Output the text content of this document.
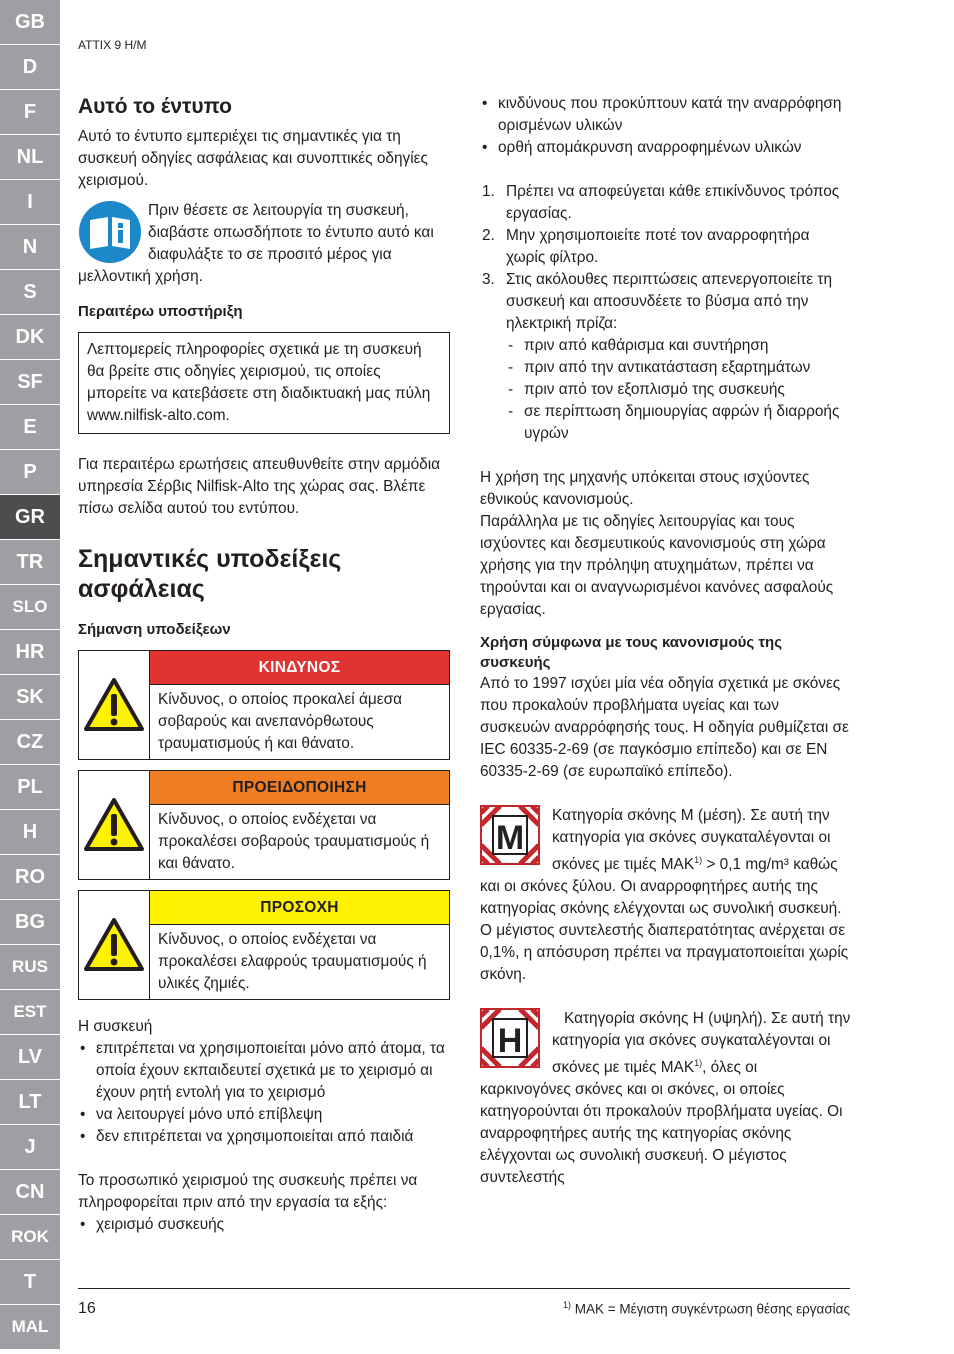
GB
D
F
NL
I
N
S
DK
SF
E
P
GR
TR
SLO
HR
SK
CZ
PL
H
RO
BG
RUS
EST
LV
LT
J
CN
ROK
T
MAL
ATTIX 9 H/M
Αυτό το έντυπο

Αυτό το έντυπο εμπεριέχει τις σημαντικές για τη συσκευή οδηγίες ασφάλειας και συνοπτικές οδηγίες χειρισμού.

Πριν θέσετε σε λειτουργία τη συσκευή, διαβάστε οπωσδήποτε το έντυπο αυτό και διαφυλάξτε το σε προσιτό μέρος για μελλοντική χρήση.

Περαιτέρω υποστήριξη

Λεπτομερείς πληροφορίες σχετικά με τη συσκευή θα βρείτε στις οδηγίες χειρισμού, τις οποίες μπορείτε να κατεβάσετε στη διαδικτυακή μας πύλη www.nilfisk-alto.com.

Για περαιτέρω ερωτήσεις απευθυνθείτε στην αρμόδια υπηρεσία Σέρβις Nilfisk-Alto της χώρας σας. Βλέπε πίσω σελίδα αυτού του εντύπου.

Σημαντικές υποδείξεις ασφάλειας
Σήμανση υποδείξεων
ΚΙΝΔΥΝΟΣ
Κίνδυνος, ο οποίος προκαλεί άμεσα σοβαρούς και ανεπανόρθωτους τραυματισμούς ή και θάνατο.
ΠΡΟΕΙΔΟΠΟΙΗΣΗ
Κίνδυνος, ο οποίος ενδέχεται να προκαλέσει σοβαρούς τραυματισμούς ή και θάνατο.
ΠΡΟΣΟΧΗ
Κίνδυνος, ο οποίος ενδέχεται να προκαλέσει ελαφρούς τραυματισμούς ή υλικές ζημιές.

Η συσκευή

• επιτρέπεται να χρησιμοποιείται μόνο από άτομα, τα οποία έχουν εκπαιδευτεί σχετικά με το χειρισμό αι έχουν ρητή εντολή για το χειρισμό
• να λειτουργεί μόνο υπό επίβλεψη
• δεν επιτρέπεται να χρησιμοποιείται από παιδιά

Το προσωπικό χειρισμού της συσκευής πρέπει να πληροφορείται πριν από την εργασία τα εξής:

• χειρισμό συσκευής
• κινδύνους που προκύπτουν κατά την αναρρόφηση ορισμένων υλικών
• ορθή απομάκρυνση αναρροφημένων υλικών
1. Πρέπει να αποφεύγεται κάθε επικίνδυνος τρόπος εργασίας.
2. Μην χρησιμοποιείτε ποτέ τον αναρροφητήρα χωρίς φίλτρο.
3. Στις ακόλουθες περιπτώσεις απενεργοποιείτε τη συσκευή και αποσυνδέετε το βύσμα από την ηλεκτρική πρίζα:
- πριν από καθάρισμα και συντήρηση
- πριν από την αντικατάσταση εξαρτημάτων
- πριν από τον εξοπλισμό της συσκευής
- σε περίπτωση δημιουργίας αφρών ή διαρροής υγρών

Η χρήση της μηχανής υπόκειται στους ισχύοντες εθνικούς κανονισμούς.

Παράλληλα με τις οδηγίες λειτουργίας και τους ισχύοντες και δεσμευτικούς κανονισμούς στη χώρα χρήσης για την πρόληψη ατυχημάτων, πρέπει να τηρούνται και οι αναγνωρισμένοι κανόνες ασφαλούς εργασίας.

Χρήση σύμφωνα με τους κανονισμούς της συσκευής

Από το 1997 ισχύει μία νέα οδηγία σχετικά με σκόνες που προκαλούν προβλήματα υγείας και των συσκευών αναρρόφησής τους. Η οδηγία ρυθμίζεται σε IEC 60335-2-69 (σε παγκόσμιο επίπεδο) και σε EN 60335-2-69 (σε ευρωπαϊκό επίπεδο).

M

Κατηγορία σκόνης M (μέση). Σε αυτή την κατηγορία για σκόνες συγκαταλέγονται οι σκόνες με τιμές $MAK^{1)} > 0,1$ mg/m³ καθώς και οι σκόνες ξύλου. Οι αναρροφητήρες αυτής της κατηγορίας σκόνης ελέγχονται ως συνολική συσκευή. Ο μέγιστος συντελεστής διαπερατότητας ανέρχεται σε 0,1%, η απόσυρση πρέπει να πραγματοποιείται χωρίς σκόνη.

H

Κατηγορία σκόνης H (υψηλή). Σε αυτή την κατηγορία για σκόνες συγκαταλέγονται οι σκόνες με τιμές MAK$^{1)}$, όλες οι καρκινογόνες σκόνες και οι σκόνες, οι οποίες κατηγορούνται ότι προκαλούν προβλήματα υγείας. Οι αναρροφητήρες αυτής της κατηγορίας σκόνης ελέγχονται ως συνολική συσκευή. Ο μέγιστος συντελεστής

16	$^{1)}$ MAK = Μέγιστη συγκέντρωση θέσης εργασίας
